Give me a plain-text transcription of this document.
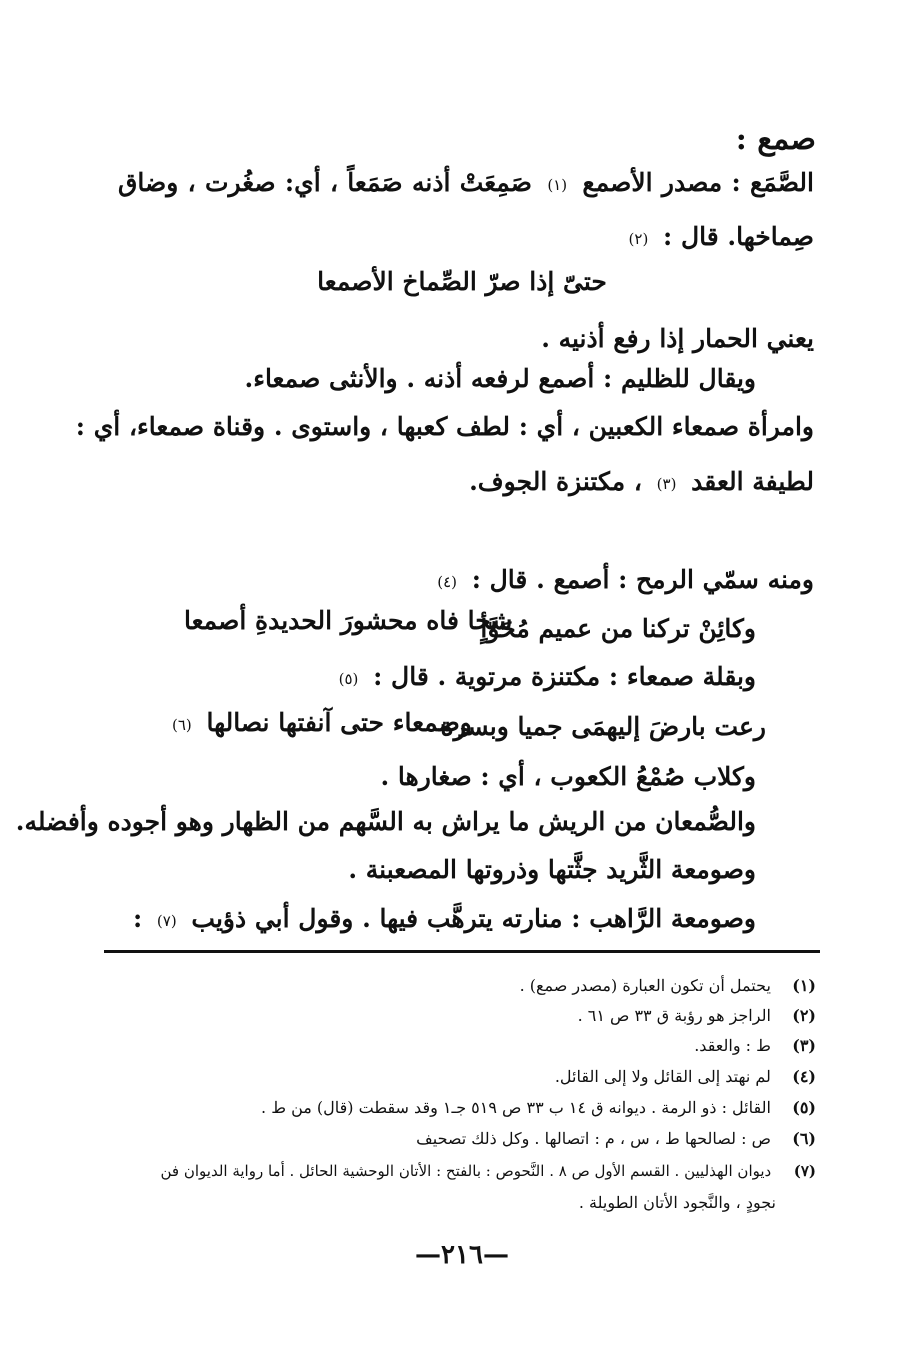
صمع :
الصَّمَع : مصدر الأصمع (١) صَمِعَتْ أذنه صَمَعاً ، أي: صغُرت ، وضاق
صِماخها. قال : (٢)
حتىّ إذا صرّ الصِّماخ الأصمعا
يعني الحمار إذا رفع أذنيه .
ويقال للظليم : أصمع لرفعه أذنه . والأنثى صمعاء.
وامرأة صمعاء الكعبين ، أي : لطف كعبها ، واستوى . وقناة صمعاء، أي :
لطيفة العقد (٣) ، مكتنزة الجوف.
ومنه سمّي الرمح : أصمع . قال : (٤)
وكائِنْ تركنا من عميم مُحَوَّأٍ
شحا فاه محشورَ الحديدةِ أصمعا
وبقلة صمعاء : مكتنزة مرتوية . قال : (٥)
رعت بارضَ إليهمَى جميا وبسرة
وصمعاء حتى آنفتها نصالها (٦)
وكلاب صُمْعُ الكعوب ، أي : صغارها .
والصُّمعان من الريش ما يراش به السَّهم من الظهار وهو أجوده وأفضله.
وصومعة الثَّريد جثَّتها وذروتها المصعبنة .
وصومعة الرَّاهب : منارته يترهَّب فيها . وقول أبي ذؤيب (٧) :
(١) يحتمل أن تكون العبارة (مصدر صمع) .
(٢) الراجز هو رؤبة ق ٣٣ ص ٦١ .
(٣) ط : والعقد.
(٤) لم نهتد إلى القائل ولا إلى القائل.
(٥) القائل : ذو الرمة . ديوانه ق ١٤ ب ٣٣ ص ٥١٩ جـ١ وقد سقطت (قال) من ط .
(٦) ص : لصالحها ط ، س ، م : اتصالها . وكل ذلك تصحيف
(٧) ديوان الهذليين . القسم الأول ص ٨ . النَّحوص : بالفتح : الأتان الوحشية الحائل . أما رواية الديوان فن
نجودٍ ، والنَّجود الأتان الطويلة .
—٢١٦—
